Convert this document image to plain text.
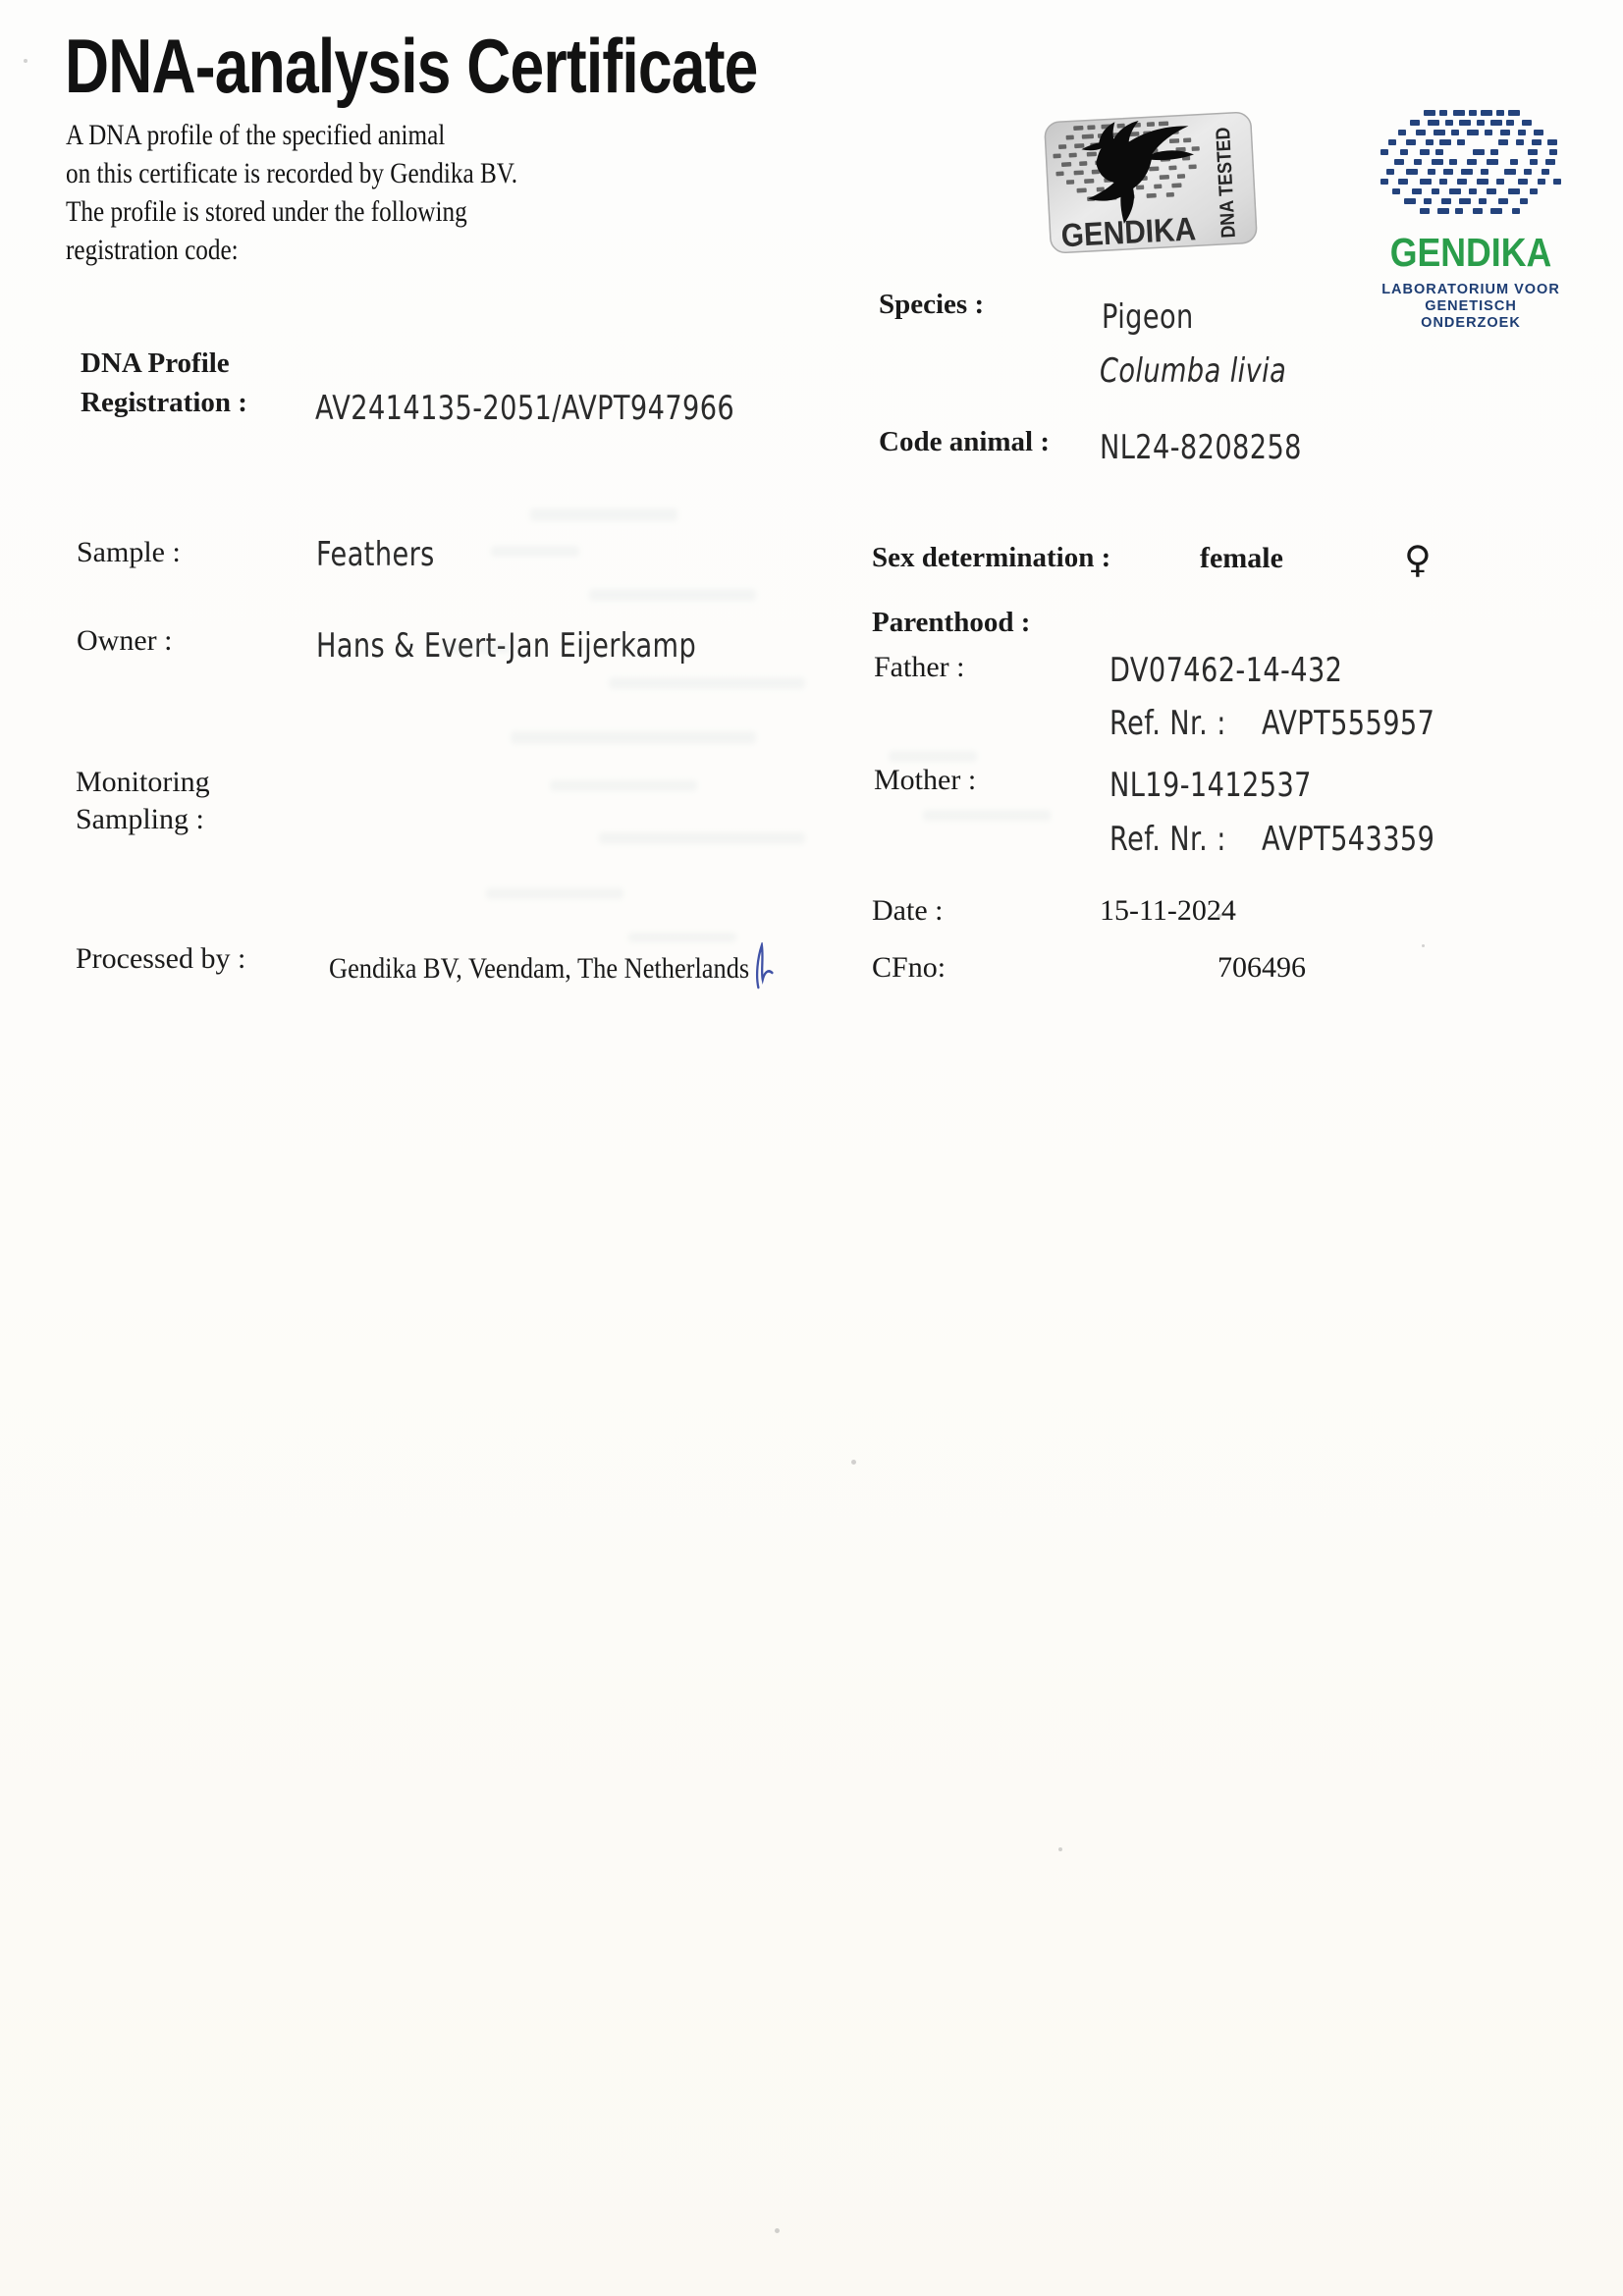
DNA-analysis Certificate
A DNA profile of the specified animal
on this certificate is recorded by Gendika BV.
The profile is stored under the following
registration code:	GENDIKA
DNA TESTED
GENDIKA
LABORATORIUM VOOR
GENETISCH ONDERZOEK
DNA Profile
Registration : AV2414135-2051/AVPT947966
Sample :	Feathers
Owner :	Hans & Evert-Jan Eijerkamp
Monitoring
Sampling :
Processed by :	Gendika BV, Veendam, The Netherlands
Species :	Pigeon
Columba livia
Code animal : NL24-8208258
Sex determination :	female	♀
Parenthood :
Father :	DV07462-14-432
Ref. Nr. :	AVPT555957
Mother :	NL19-1412537
Ref. Nr. :	AVPT543359
Date :	15-11-2024
CFno:	706496
